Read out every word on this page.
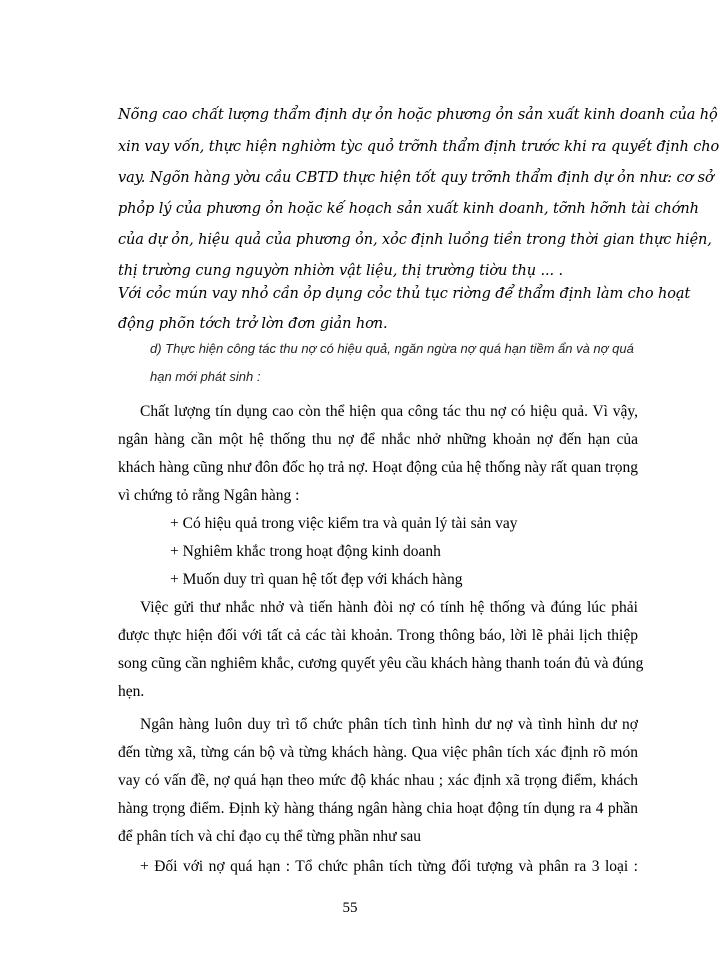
Nõng cao chất lượng thẩm định dự ỏn hoặc phương ỏn sản xuất kinh doanh của hộ
xin vay vốn, thực hiện nghiờm tỳc quỏ trỡnh thẩm định trước khi ra quyết định cho
vay. Ngõn hàng yờu cầu CBTD thực hiện tốt quy trỡnh thẩm định dự ỏn như: cơ sở
phỏp lý của phương ỏn hoặc kế hoạch sản xuất kinh doanh, tỡnh hỡnh tài chớnh
của dự ỏn, hiệu quả của phương ỏn, xỏc định luồng tiền trong thời gian thực hiện,
thị trường cung nguyờn nhiờn vật liệu, thị trường tiờu thụ ... .
Với cỏc mún vay nhỏ cần ỏp dụng cỏc thủ tục riờng để thẩm định làm cho hoạt
động phõn tớch trở lờn đơn giản hơn.
d) Thực hiện công tác thu nợ có hiệu quả, ngăn ngừa nợ quá hạn tiềm ẩn và nợ quá
hạn mới phát sinh :
Chất lượng tín dụng cao còn thể hiện qua công tác thu nợ có hiệu quả. Vì vậy,
ngân hàng cần một hệ thống thu nợ để nhắc nhở những khoản nợ đến hạn của
khách hàng cũng như đôn đốc họ trả nợ. Hoạt động của hệ thống này rất quan trọng
vì chứng tỏ rằng Ngân hàng :
+ Có hiệu quả trong việc kiểm tra và quản lý tài sản vay
+ Nghiêm khắc trong hoạt động kinh doanh
+ Muốn duy trì quan hệ tốt đẹp với khách hàng
Việc gửi thư nhắc nhở và tiến hành đòi nợ có tính hệ thống và đúng lúc phải
được thực hiện đối với tất cả các tài khoản. Trong thông báo, lời lẽ phải lịch thiệp
song cũng cần nghiêm khắc, cương quyết yêu cầu khách hàng thanh toán đủ và đúng
hẹn.
Ngân hàng luôn duy trì tổ chức phân tích tình hình dư nợ và tình hình dư nợ
đến từng xã, từng cán bộ và từng khách hàng. Qua việc phân tích xác định rõ món
vay có vấn đề, nợ quá hạn theo mức độ khác nhau ; xác định xã trọng điểm, khách
hàng trọng điểm. Định kỳ hàng tháng ngân hàng chia hoạt động tín dụng ra 4 phần
để phân tích và chỉ đạo cụ thể từng phần như sau
+ Đối với nợ quá hạn : Tổ chức phân tích từng đối tượng và phân ra 3 loại :
55
